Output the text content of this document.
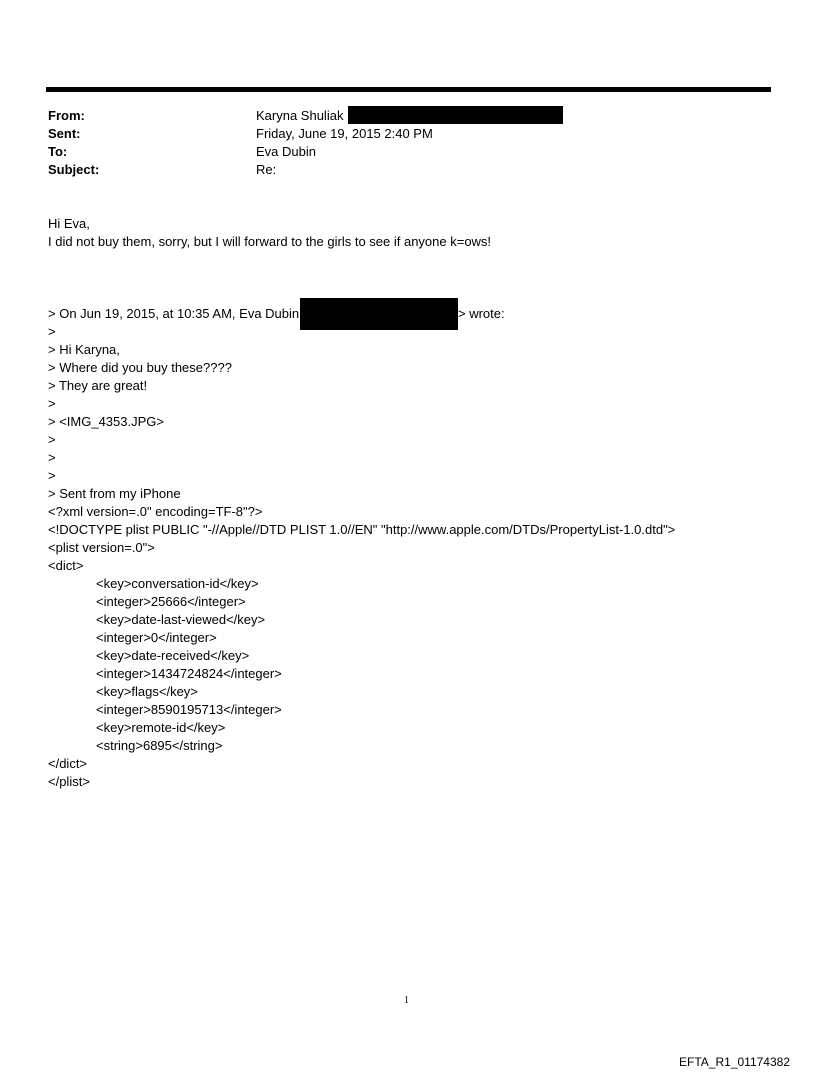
From:	Karyna Shuliak
Sent:	Friday, June 19, 2015 2:40 PM
To:	Eva Dubin
Subject:	Re:
Hi Eva,
I did not buy them, sorry, but I will forward to the girls to see if anyone k=ows!
> On Jun 19, 2015, at 10:35 AM, Eva Dubin	> wrote:
>
> Hi Karyna,
> Where did you buy these????
> They are great!
>
> <IMG_4353.JPG>
>
>
>
> Sent from my iPhone
<?xml version=.0" encoding=TF-8"?>
<!DOCTYPE plist PUBLIC "-//Apple//DTD PLIST 1.0//EN" "http://www.apple.com/DTDs/PropertyList-1.0.dtd">
<plist version=.0">
<dict>
<key>conversation-id</key>
<integer>25666</integer>
<key>date-last-viewed</key>
<integer>0</integer>
<key>date-received</key>
<integer>1434724824</integer>
<key>flags</key>
<integer>8590195713</integer>
<key>remote-id</key>
<string>6895</string>
</dict>
</plist>
1
EFTA_R1_01174382
